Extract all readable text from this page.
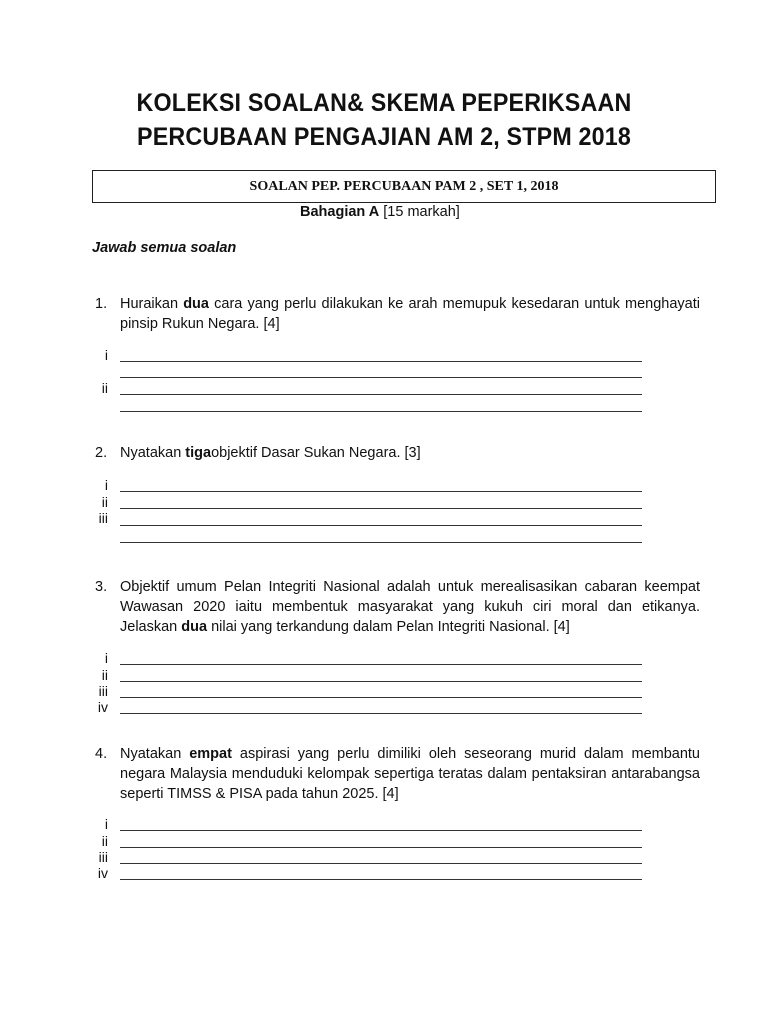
KOLEKSI SOALAN& SKEMA PEPERIKSAAN
PERCUBAAN PENGAJIAN AM 2, STPM 2018
SOALAN PEP. PERCUBAAN PAM 2 , SET 1, 2018
Bahagian A [15 markah]
Jawab semua soalan
1. Huraikan dua cara yang perlu dilakukan ke arah memupuk kesedaran untuk menghayati pinsip Rukun Negara. [4]
i
ii
2. Nyatakan tigaobjektif Dasar Sukan Negara. [3]
i
ii
iii
3. Objektif umum Pelan Integriti Nasional adalah untuk merealisasikan cabaran keempat Wawasan 2020 iaitu membentuk masyarakat yang kukuh ciri moral dan etikanya. Jelaskan dua nilai yang terkandung dalam Pelan Integriti Nasional. [4]
i
ii
iii
iv
4. Nyatakan empat aspirasi yang perlu dimiliki oleh seseorang murid dalam membantu negara Malaysia menduduki kelompak sepertiga teratas dalam pentaksiran antarabangsa seperti TIMSS & PISA pada tahun 2025. [4]
i
ii
iii
iv
